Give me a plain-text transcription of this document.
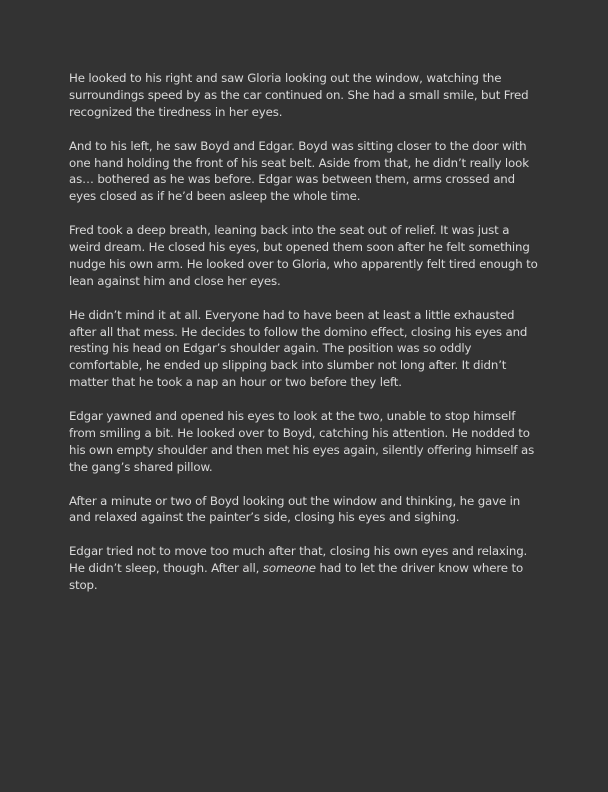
He looked to his right and saw Gloria looking out the window, watching the surroundings speed by as the car continued on. She had a small smile, but Fred recognized the tiredness in her eyes.

And to his left, he saw Boyd and Edgar. Boyd was sitting closer to the door with one hand holding the front of his seat belt. Aside from that, he didn’t really look as… bothered as he was before. Edgar was between them, arms crossed and eyes closed as if he’d been asleep the whole time.

Fred took a deep breath, leaning back into the seat out of relief. It was just a weird dream. He closed his eyes, but opened them soon after he felt something nudge his own arm. He looked over to Gloria, who apparently felt tired enough to lean against him and close her eyes.

He didn’t mind it at all. Everyone had to have been at least a little exhausted after all that mess. He decides to follow the domino effect, closing his eyes and resting his head on Edgar’s shoulder again. The position was so oddly comfortable, he ended up slipping back into slumber not long after. It didn’t matter that he took a nap an hour or two before they left.

Edgar yawned and opened his eyes to look at the two, unable to stop himself from smiling a bit. He looked over to Boyd, catching his attention. He nodded to his own empty shoulder and then met his eyes again, silently offering himself as the gang’s shared pillow.

After a minute or two of Boyd looking out the window and thinking, he gave in and relaxed against the painter’s side, closing his eyes and sighing.

Edgar tried not to move too much after that, closing his own eyes and relaxing. He didn’t sleep, though. After all, someone had to let the driver know where to stop.
